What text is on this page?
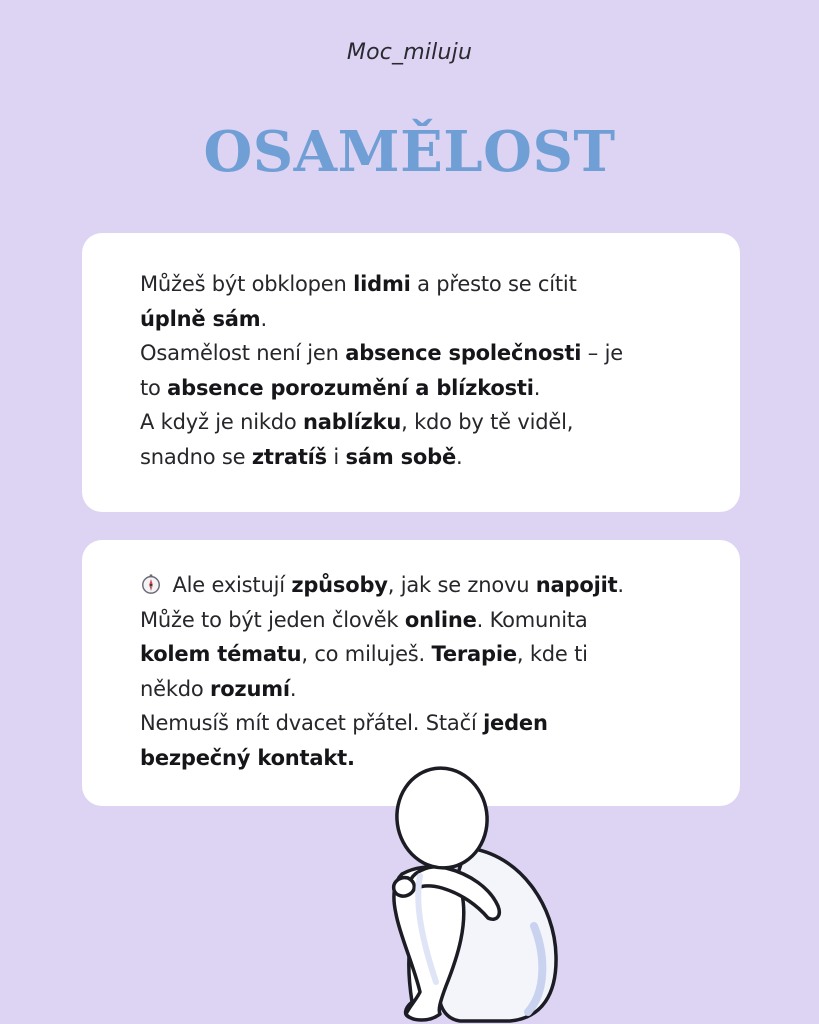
Moc_miluju
OSAMĚLOST

Můžeš být obklopen lidmi a přesto se cítit

úplně sám.

Osamělost není jen absence společnosti – je

to absence porozumění a blízkosti.

A když je nikdo nablízku, kdo by tě viděl,

snadno se ztratíš i sám sobě.

Ale existují způsoby, jak se znovu napojit.

Může to být jeden člověk online. Komunita

kolem tématu, co miluješ. Terapie, kde ti

někdo rozumí.

Nemusíš mít dvacet přátel. Stačí jeden

bezpečný kontakt.
